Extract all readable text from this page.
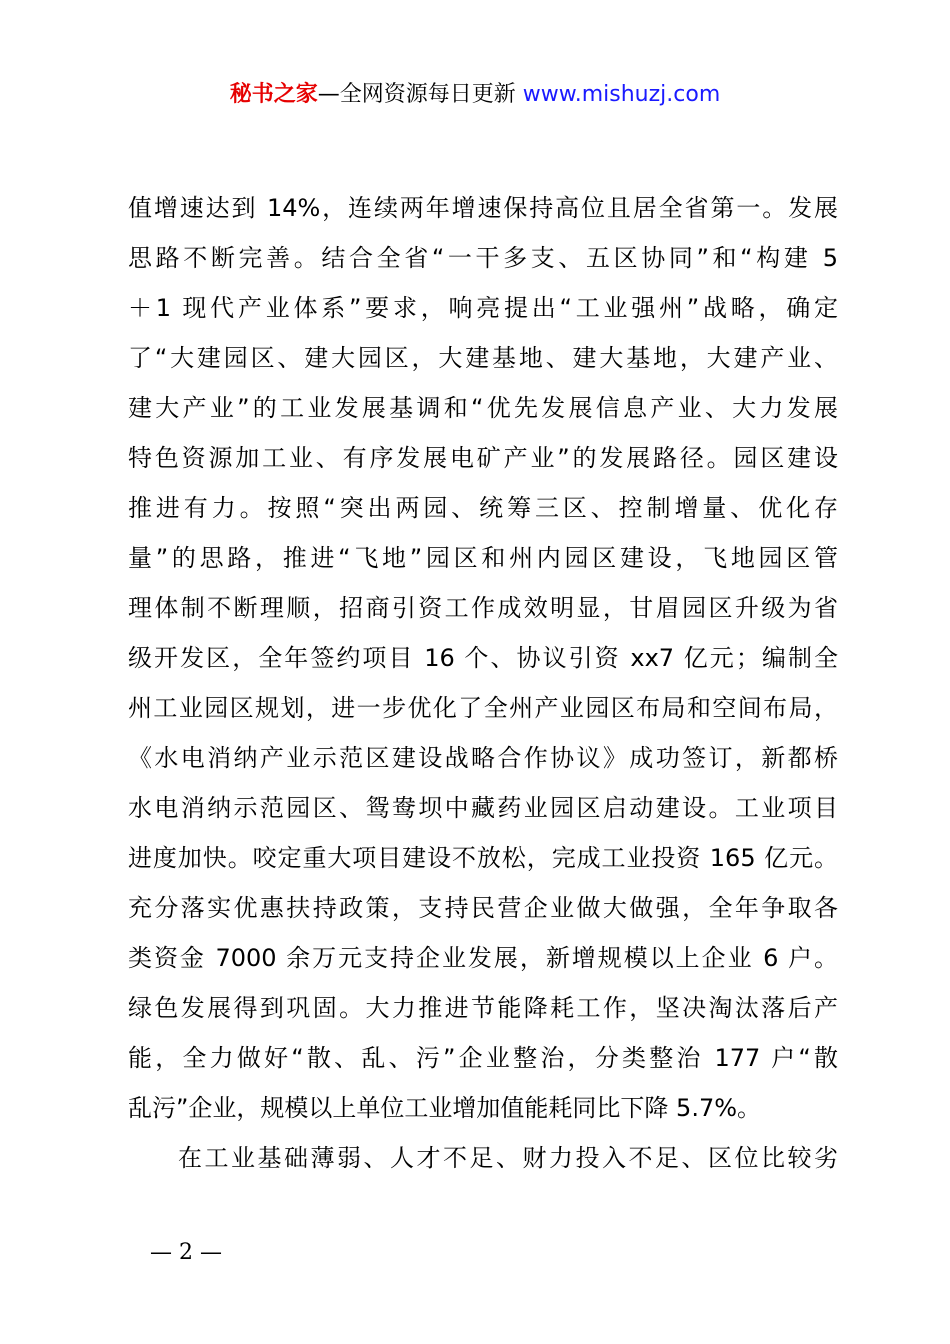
秘书之家—全网资源每日更新 www.mishuzj.com
值增速达到 14%，连续两年增速保持高位且居全省第一。发展
思路不断完善。结合全省“一干多支、五区协同”和“构建 5
＋1 现代产业体系”要求，响亮提出“工业强州”战略，确定
了“大建园区、建大园区，大建基地、建大基地，大建产业、
建大产业”的工业发展基调和“优先发展信息产业、大力发展
特色资源加工业、有序发展电矿产业”的发展路径。园区建设
推进有力。按照“突出两园、统筹三区、控制增量、优化存
量”的思路，推进“飞地”园区和州内园区建设，飞地园区管
理体制不断理顺，招商引资工作成效明显，甘眉园区升级为省
级开发区，全年签约项目 16 个、协议引资 xx7 亿元；编制全
州工业园区规划，进一步优化了全州产业园区布局和空间布局，
《水电消纳产业示范区建设战略合作协议》成功签订，新都桥
水电消纳示范园区、鸳鸯坝中藏药业园区启动建设。工业项目
进度加快。咬定重大项目建设不放松，完成工业投资 165 亿元。
充分落实优惠扶持政策，支持民营企业做大做强，全年争取各
类资金 7000 余万元支持企业发展，新增规模以上企业 6 户。
绿色发展得到巩固。大力推进节能降耗工作，坚决淘汰落后产
能，全力做好“散、乱、污”企业整治，分类整治 177 户“散
乱污”企业，规模以上单位工业增加值能耗同比下降 5.7%。
在工业基础薄弱、人才不足、财力投入不足、区位比较劣
— 2 —
